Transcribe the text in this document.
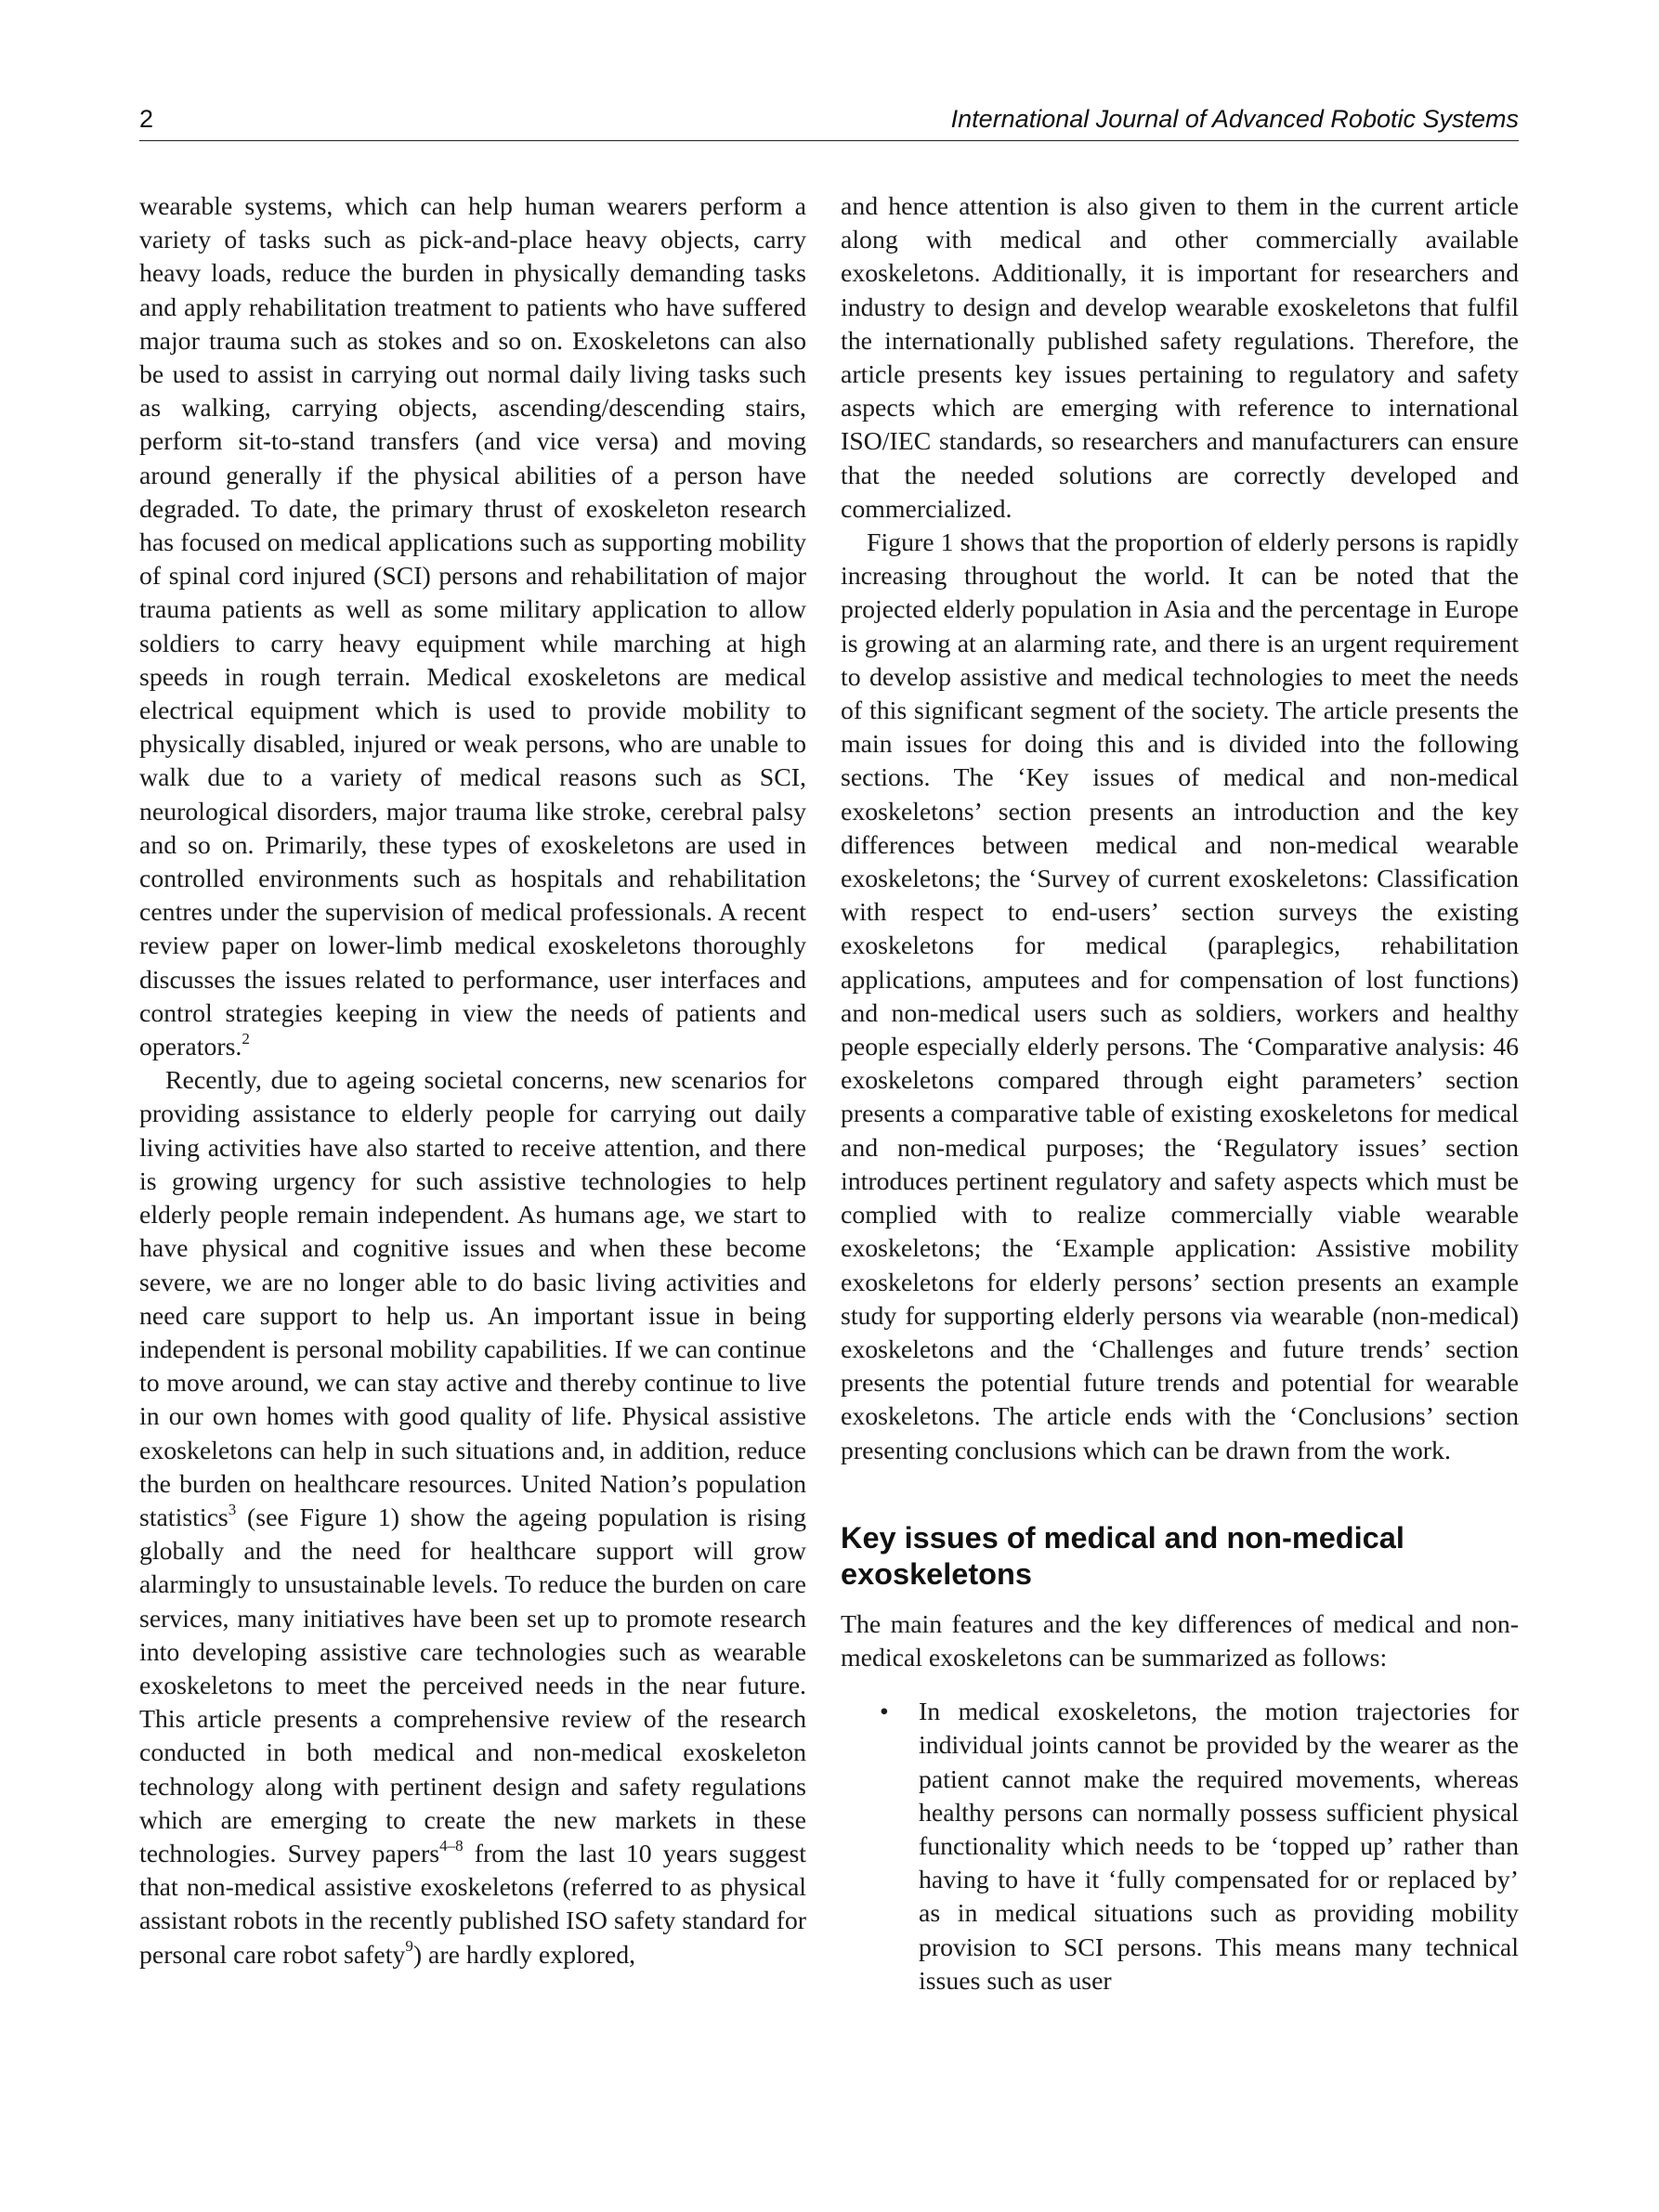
2	International Journal of Advanced Robotic Systems

wearable systems, which can help human wearers perform a variety of tasks such as pick-and-place heavy objects, carry heavy loads, reduce the burden in physically demanding tasks and apply rehabilitation treatment to patients who have suffered major trauma such as stokes and so on. Exoskeletons can also be used to assist in carrying out normal daily living tasks such as walking, carrying objects, ascending/descending stairs, perform sit-to-stand transfers (and vice versa) and moving around generally if the physical abilities of a person have degraded. To date, the primary thrust of exoskeleton research has focused on medical applications such as supporting mobility of spinal cord injured (SCI) persons and rehabilitation of major trauma patients as well as some military application to allow soldiers to carry heavy equipment while marching at high speeds in rough terrain. Medical exoskeletons are medical electrical equipment which is used to provide mobility to physically disabled, injured or weak persons, who are unable to walk due to a variety of medical reasons such as SCI, neurological disorders, major trauma like stroke, cerebral palsy and so on. Primarily, these types of exoskeletons are used in controlled environments such as hospitals and rehabilitation centres under the supervision of medical professionals. A recent review paper on lower-limb medical exoskeletons thoroughly discusses the issues related to performance, user interfaces and control strategies keeping in view the needs of patients and operators.$^2$

Recently, due to ageing societal concerns, new scenarios for providing assistance to elderly people for carrying out daily living activities have also started to receive attention, and there is growing urgency for such assistive technologies to help elderly people remain independent. As humans age, we start to have physical and cognitive issues and when these become severe, we are no longer able to do basic living activities and need care support to help us. An important issue in being independent is personal mobility capabilities. If we can continue to move around, we can stay active and thereby continue to live in our own homes with good quality of life. Physical assistive exoskeletons can help in such situations and, in addition, reduce the burden on healthcare resources. United Nation’s population statistics$^3$ (see Figure 1) show the ageing population is rising globally and the need for healthcare support will grow alarmingly to unsustainable levels. To reduce the burden on care services, many initiatives have been set up to promote research into developing assistive care technologies such as wearable exoskeletons to meet the perceived needs in the near future. This article presents a comprehensive review of the research conducted in both medical and non-medical exoskeleton technology along with pertinent design and safety regulations which are emerging to create the new markets in these technologies. Survey papers$^{4-8}$ from the last 10 years suggest that non-medical assistive exoskeletons (referred to as physical assistant robots in the recently published ISO safety standard for personal care robot safety$^9$) are hardly explored,

and hence attention is also given to them in the current article along with medical and other commercially available exoskeletons. Additionally, it is important for researchers and industry to design and develop wearable exoskeletons that fulfil the internationally published safety regulations. Therefore, the article presents key issues pertaining to regulatory and safety aspects which are emerging with reference to international ISO/IEC standards, so researchers and manufacturers can ensure that the needed solutions are correctly developed and commercialized.

Figure 1 shows that the proportion of elderly persons is rapidly increasing throughout the world. It can be noted that the projected elderly population in Asia and the percentage in Europe is growing at an alarming rate, and there is an urgent requirement to develop assistive and medical technologies to meet the needs of this significant segment of the society. The article presents the main issues for doing this and is divided into the following sections. The ‘Key issues of medical and non-medical exoskeletons’ section presents an introduction and the key differences between medical and non-medical wearable exoskeletons; the ‘Survey of current exoskeletons: Classification with respect to end-users’ section surveys the existing exoskeletons for medical (paraplegics, rehabilitation applications, amputees and for compensation of lost functions) and non-medical users such as soldiers, workers and healthy people especially elderly persons. The ‘Comparative analysis: 46 exoskeletons compared through eight parameters’ section presents a comparative table of existing exoskeletons for medical and non-medical purposes; the ‘Regulatory issues’ section introduces pertinent regulatory and safety aspects which must be complied with to realize commercially viable wearable exoskeletons; the ‘Example application: Assistive mobility exoskeletons for elderly persons’ section presents an example study for supporting elderly persons via wearable (non-medical) exoskeletons and the ‘Challenges and future trends’ section presents the potential future trends and potential for wearable exoskeletons. The article ends with the ‘Conclusions’ section presenting conclusions which can be drawn from the work.

Key issues of medical and non-medical exoskeletons

The main features and the key differences of medical and non-medical exoskeletons can be summarized as follows:

• In medical exoskeletons, the motion trajectories for individual joints cannot be provided by the wearer as the patient cannot make the required movements, whereas healthy persons can normally possess sufficient physical functionality which needs to be ‘topped up’ rather than having to have it ‘fully compensated for or replaced by’ as in medical situations such as providing mobility provision to SCI persons. This means many technical issues such as user
